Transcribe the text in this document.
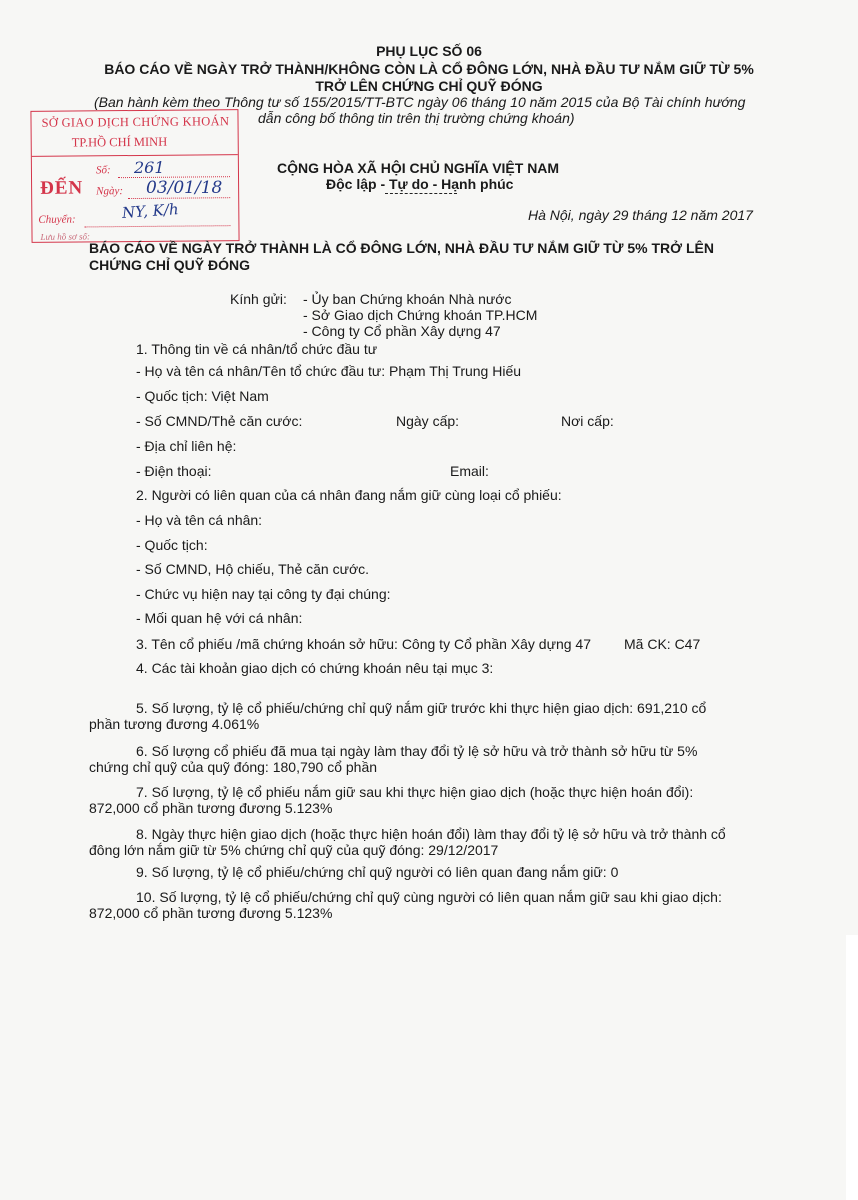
PHỤ LỤC SỐ 06
BÁO CÁO VỀ NGÀY TRỞ THÀNH/KHÔNG CÒN LÀ CỔ ĐÔNG LỚN, NHÀ ĐẦU TƯ NẮM GIỮ TỪ 5%
TRỞ LÊN CHỨNG CHỈ QUỸ ĐÓNG
(Ban hành kèm theo Thông tư số 155/2015/TT-BTC ngày 06 tháng 10 năm 2015 của Bộ Tài chính hướng
dẫn công bố thông tin trên thị trường chứng khoán)
SỞ GIAO DỊCH CHỨNG KHOÁN
TP.HỒ CHÍ MINH
ĐẾN
Số:
Ngày:
Chuyển:
Lưu hồ sơ số:
261
03/01/18
NY, K/h
CỘNG HÒA XÃ HỘI CHỦ NGHĨA VIỆT NAM
Độc lập - Tự do - Hạnh phúc
Hà Nội, ngày 29 tháng 12 năm 2017
BÁO CÁO VỀ NGÀY TRỞ THÀNH LÀ CỔ ĐÔNG LỚN, NHÀ ĐẦU TƯ NẮM GIỮ TỪ 5% TRỞ LÊN
CHỨNG CHỈ QUỸ ĐÓNG
Kính gửi: - Ủy ban Chứng khoán Nhà nước
- Sở Giao dịch Chứng khoán TP.HCM
- Công ty Cổ phần Xây dựng 47
1. Thông tin về cá nhân/tổ chức đầu tư
- Họ và tên cá nhân/Tên tổ chức đầu tư: Phạm Thị Trung Hiếu
- Quốc tịch: Việt Nam
- Số CMND/Thẻ căn cước:	Ngày cấp:	Nơi cấp:
- Địa chỉ liên hệ:
- Điện thoại:	Email:
2. Người có liên quan của cá nhân đang nắm giữ cùng loại cổ phiếu:
- Họ và tên cá nhân:
- Quốc tịch:
- Số CMND, Hộ chiếu, Thẻ căn cước.
- Chức vụ hiện nay tại công ty đại chúng:
- Mối quan hệ với cá nhân:
3. Tên cổ phiếu /mã chứng khoán sở hữu: Công ty Cổ phần Xây dựng 47 Mã CK: C47
4. Các tài khoản giao dịch có chứng khoán nêu tại mục 3:
5. Số lượng, tỷ lệ cổ phiếu/chứng chỉ quỹ nắm giữ trước khi thực hiện giao dịch: 691,210 cổ
phần tương đương 4.061%
6. Số lượng cổ phiếu đã mua tại ngày làm thay đổi tỷ lệ sở hữu và trở thành sở hữu từ 5%
chứng chỉ quỹ của quỹ đóng: 180,790 cổ phần
7. Số lượng, tỷ lệ cổ phiếu nắm giữ sau khi thực hiện giao dịch (hoặc thực hiện hoán đổi):
872,000 cổ phần tương đương 5.123%
8. Ngày thực hiện giao dịch (hoặc thực hiện hoán đổi) làm thay đổi tỷ lệ sở hữu và trở thành cổ
đông lớn nắm giữ từ 5% chứng chỉ quỹ của quỹ đóng: 29/12/2017
9. Số lượng, tỷ lệ cổ phiếu/chứng chỉ quỹ người có liên quan đang nắm giữ: 0
10. Số lượng, tỷ lệ cổ phiếu/chứng chỉ quỹ cùng người có liên quan nắm giữ sau khi giao dịch:
872,000 cổ phần tương đương 5.123%
